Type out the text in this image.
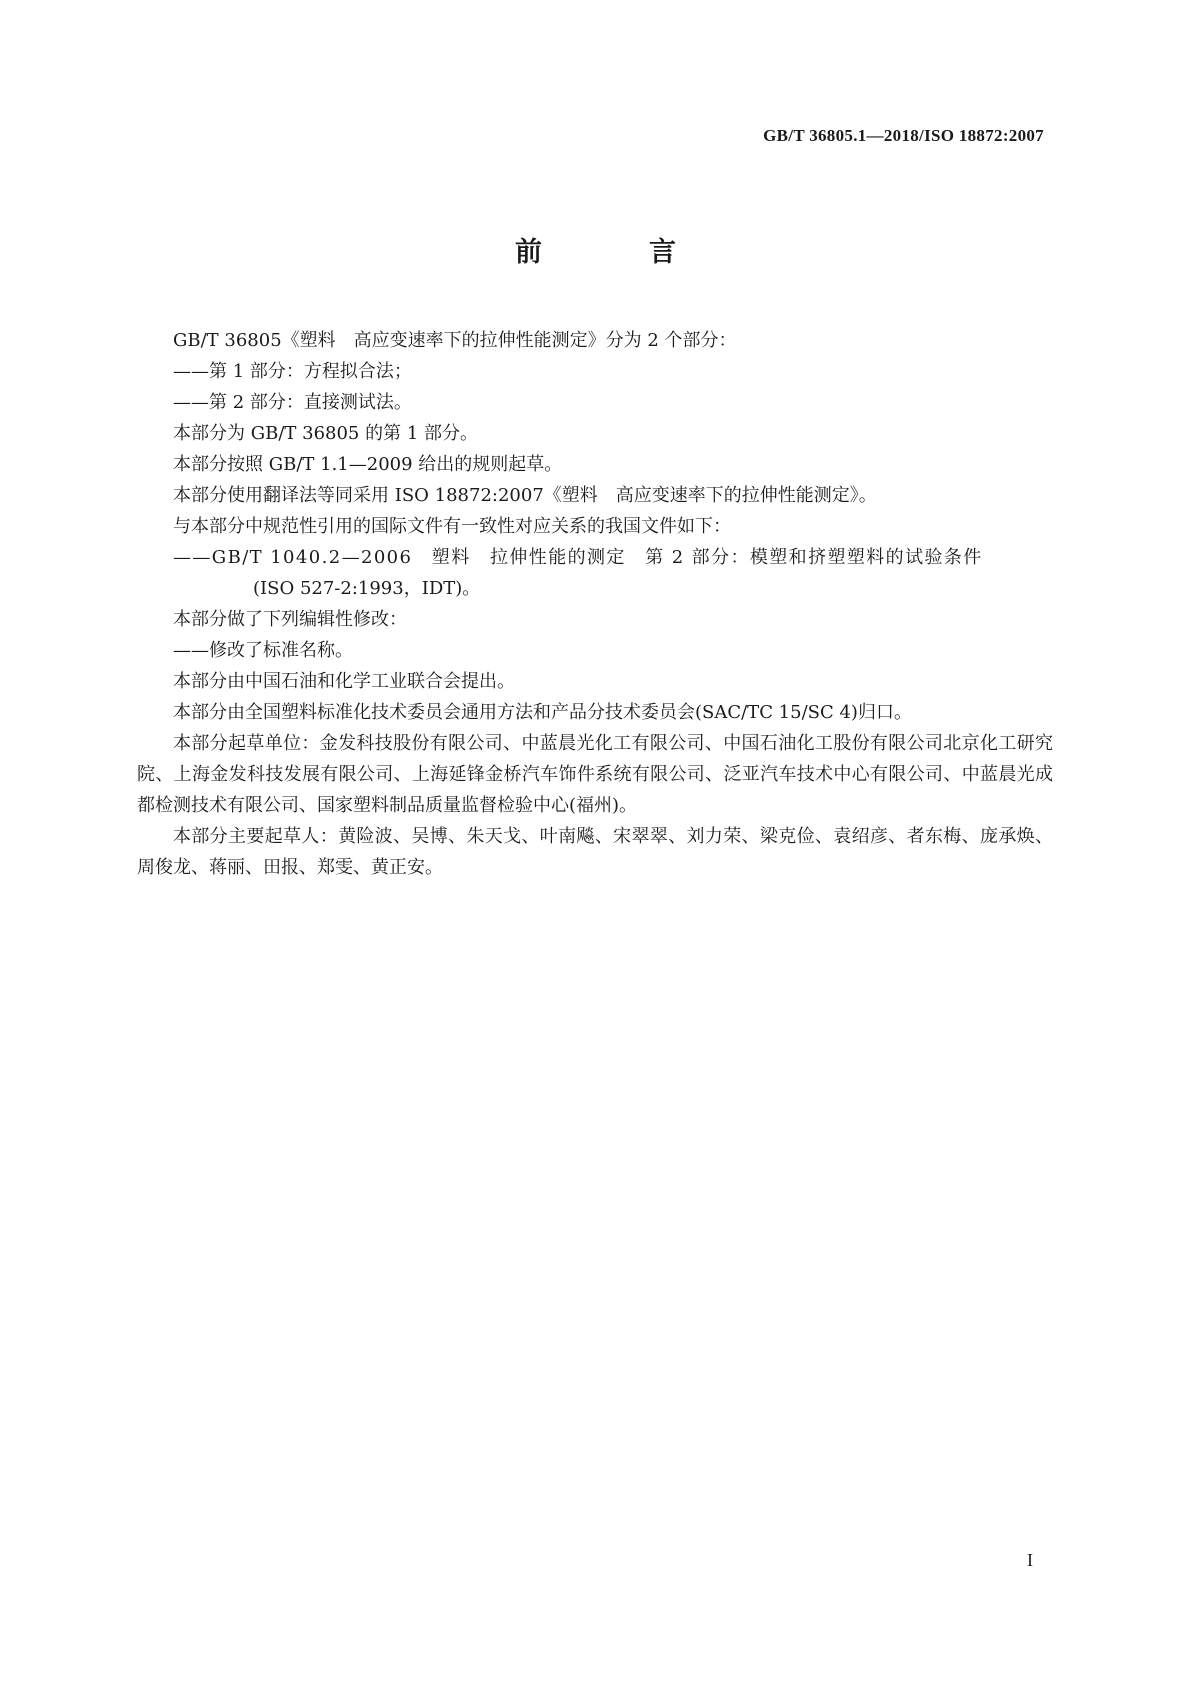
GB/T 36805.1—2018/ISO 18872:2007
前　言

GB/T 36805《塑料　高应变速率下的拉伸性能测定》分为 2 个部分：

——第 1 部分：方程拟合法；

——第 2 部分：直接测试法。

本部分为 GB/T 36805 的第 1 部分。

本部分按照 GB/T 1.1—2009 给出的规则起草。

本部分使用翻译法等同采用 ISO 18872:2007《塑料　高应变速率下的拉伸性能测定》。

与本部分中规范性引用的国际文件有一致性对应关系的我国文件如下：

——GB/T 1040.2—2006　塑料　拉伸性能的测定　第 2 部分：模塑和挤塑塑料的试验条件
(ISO 527-2:1993，IDT)。

本部分做了下列编辑性修改：

——修改了标准名称。

本部分由中国石油和化学工业联合会提出。

本部分由全国塑料标准化技术委员会通用方法和产品分技术委员会(SAC/TC 15/SC 4)归口。

本部分起草单位：金发科技股份有限公司、中蓝晨光化工有限公司、中国石油化工股份有限公司北京化工研究院、上海金发科技发展有限公司、上海延锋金桥汽车饰件系统有限公司、泛亚汽车技术中心有限公司、中蓝晨光成都检测技术有限公司、国家塑料制品质量监督检验中心(福州)。

本部分主要起草人：黄险波、吴博、朱天戈、叶南飚、宋翠翠、刘力荣、梁克俭、袁绍彦、者东梅、庞承焕、周俊龙、蒋丽、田报、郑雯、黄正安。

I
